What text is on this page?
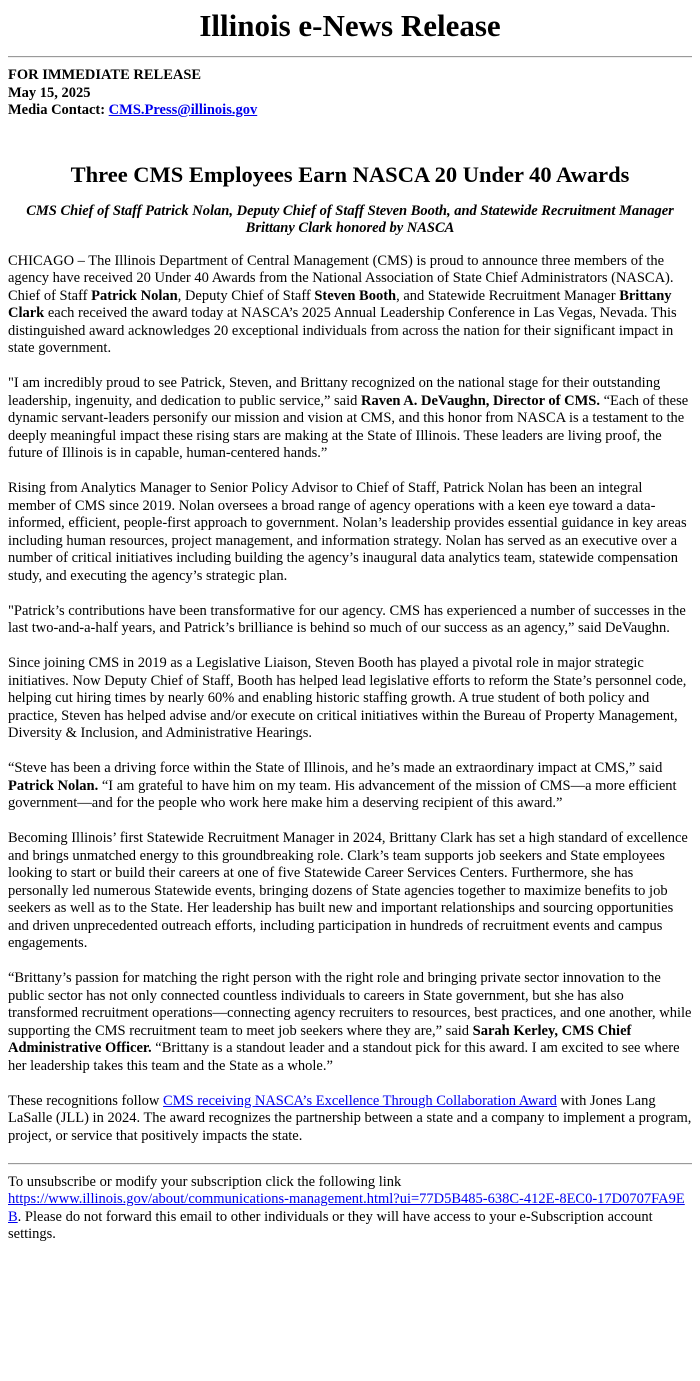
Illinois e-News Release
FOR IMMEDIATE RELEASE
May 15, 2025
Media Contact: CMS.Press@illinois.gov
Three CMS Employees Earn NASCA 20 Under 40 Awards
CMS Chief of Staff Patrick Nolan, Deputy Chief of Staff Steven Booth, and Statewide Recruitment Manager Brittany Clark honored by NASCA

CHICAGO – The Illinois Department of Central Management (CMS) is proud to announce three members of the agency have received 20 Under 40 Awards from the National Association of State Chief Administrators (NASCA). Chief of Staff Patrick Nolan, Deputy Chief of Staff Steven Booth, and Statewide Recruitment Manager Brittany Clark each received the award today at NASCA’s 2025 Annual Leadership Conference in Las Vegas, Nevada. This distinguished award acknowledges 20 exceptional individuals from across the nation for their significant impact in state government.

"I am incredibly proud to see Patrick, Steven, and Brittany recognized on the national stage for their outstanding leadership, ingenuity, and dedication to public service,” said Raven A. DeVaughn, Director of CMS. “Each of these dynamic servant-leaders personify our mission and vision at CMS, and this honor from NASCA is a testament to the deeply meaningful impact these rising stars are making at the State of Illinois. These leaders are living proof, the future of Illinois is in capable, human-centered hands.”

Rising from Analytics Manager to Senior Policy Advisor to Chief of Staff, Patrick Nolan has been an integral member of CMS since 2019. Nolan oversees a broad range of agency operations with a keen eye toward a data-informed, efficient, people-first approach to government. Nolan’s leadership provides essential guidance in key areas including human resources, project management, and information strategy. Nolan has served as an executive over a number of critical initiatives including building the agency’s inaugural data analytics team, statewide compensation study, and executing the agency’s strategic plan.

"Patrick’s contributions have been transformative for our agency. CMS has experienced a number of successes in the last two-and-a-half years, and Patrick’s brilliance is behind so much of our success as an agency,” said DeVaughn.

Since joining CMS in 2019 as a Legislative Liaison, Steven Booth has played a pivotal role in major strategic initiatives. Now Deputy Chief of Staff, Booth has helped lead legislative efforts to reform the State’s personnel code, helping cut hiring times by nearly 60% and enabling historic staffing growth. A true student of both policy and practice, Steven has helped advise and/or execute on critical initiatives within the Bureau of Property Management, Diversity & Inclusion, and Administrative Hearings.

“Steve has been a driving force within the State of Illinois, and he’s made an extraordinary impact at CMS,” said Patrick Nolan. “I am grateful to have him on my team. His advancement of the mission of CMS—a more efficient government—and for the people who work here make him a deserving recipient of this award.”

Becoming Illinois’ first Statewide Recruitment Manager in 2024, Brittany Clark has set a high standard of excellence and brings unmatched energy to this groundbreaking role. Clark’s team supports job seekers and State employees looking to start or build their careers at one of five Statewide Career Services Centers. Furthermore, she has personally led numerous Statewide events, bringing dozens of State agencies together to maximize benefits to job seekers as well as to the State. Her leadership has built new and important relationships and sourcing opportunities and driven unprecedented outreach efforts, including participation in hundreds of recruitment events and campus engagements.

“Brittany’s passion for matching the right person with the right role and bringing private sector innovation to the public sector has not only connected countless individuals to careers in State government, but she has also transformed recruitment operations—connecting agency recruiters to resources, best practices, and one another, while supporting the CMS recruitment team to meet job seekers where they are,” said Sarah Kerley, CMS Chief Administrative Officer. “Brittany is a standout leader and a standout pick for this award. I am excited to see where her leadership takes this team and the State as a whole.”

These recognitions follow CMS receiving NASCA’s Excellence Through Collaboration Award with Jones Lang LaSalle (JLL) in 2024. The award recognizes the partnership between a state and a company to implement a program, project, or service that positively impacts the state.

To unsubscribe or modify your subscription click the following link
https://www.illinois.gov/about/communications-management.html?ui=77D5B485-638C-412E-8EC0-17D0707FA9EB. Please do not forward this email to other individuals or they will have access to your e-Subscription account settings.
